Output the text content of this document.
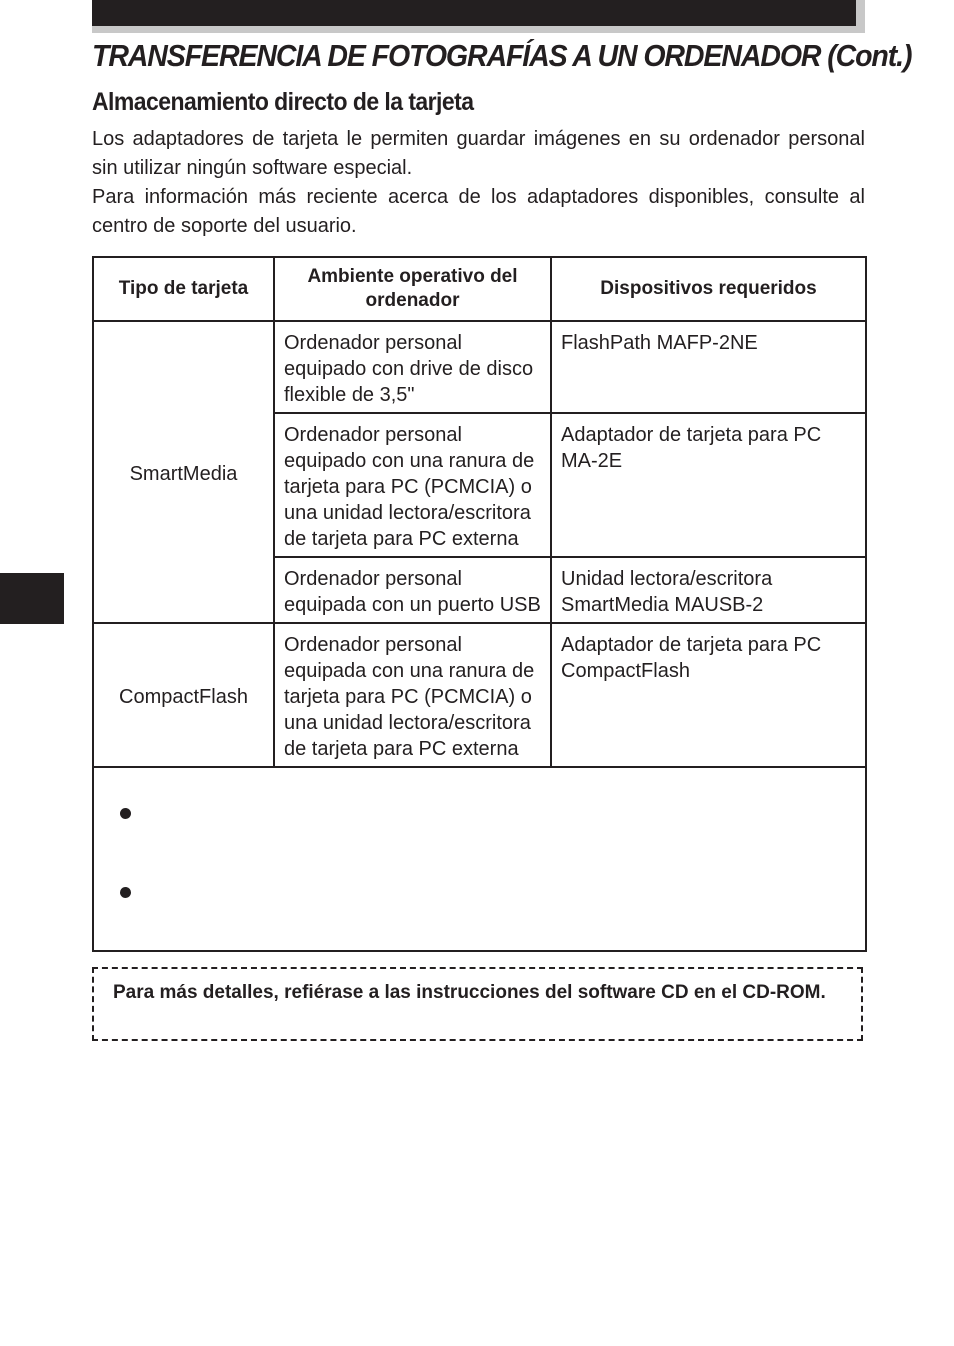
TRANSFERENCIA DE FOTOGRAFÍAS A UN ORDENADOR (Cont.)
Almacenamiento directo de la tarjeta

Los adaptadores de tarjeta le permiten guardar imágenes en su ordenador personal sin utilizar ningún software especial.

Para información más reciente acerca de los adaptadores disponibles, consulte al centro de soporte del usuario.

Tipo de tarjeta	Ambiente operativo del ordenador	Dispositivos requeridos
SmartMedia	Ordenador personal equipado con drive de disco flexible de 3,5"	FlashPath MAFP-2NE
	Ordenador personal equipado con una ranura de tarjeta para PC (PCMCIA) o una unidad lectora/escritora de tarjeta para PC externa	Adaptador de tarjeta para PC MA-2E
	Ordenador personal equipada con un puerto USB	Unidad lectora/escritora SmartMedia MAUSB-2
CompactFlash	Ordenador personal equipada con una ranura de tarjeta para PC (PCMCIA) o una unidad lectora/escritora de tarjeta para PC externa	Adaptador de tarjeta para PC CompactFlash

Para más detalles, refiérase a las instrucciones del software CD en el CD-ROM.
